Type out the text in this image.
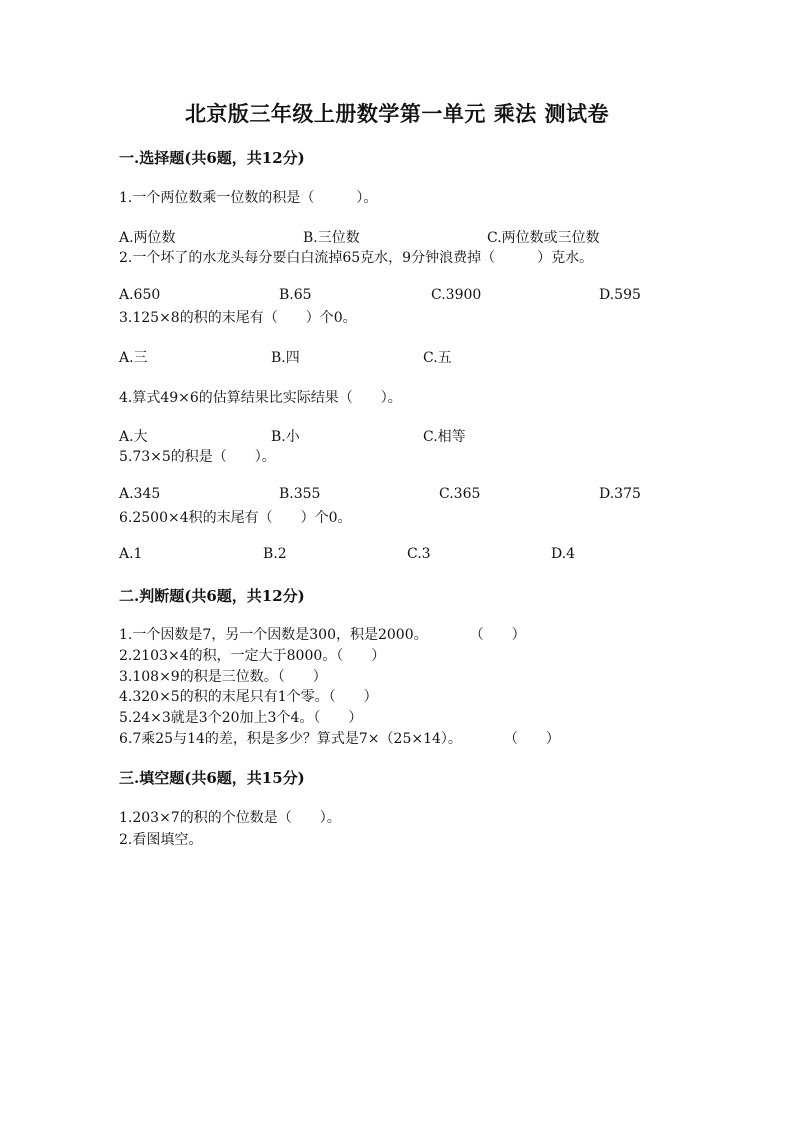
北京版三年级上册数学第一单元 乘法 测试卷
一.选择题(共6题，共12分)
1.一个两位数乘一位数的积是（　　　）。
A.两位数	B.三位数	C.两位数或三位数
2.一个坏了的水龙头每分要白白流掉65克水，9分钟浪费掉（　　　）克水。
A.650	B.65	C.3900	D.595
3.125×8的积的末尾有（　　）个0。
A.三	B.四	C.五
4.算式49×6的估算结果比实际结果（　　）。
A.大	B.小	C.相等
5.73×5的积是（　　）。
A.345	B.355	C.365	D.375
6.2500×4积的末尾有（　　）个0。
A.1	B.2	C.3	D.4
二.判断题(共6题，共12分)
1.一个因数是7，另一个因数是300，积是2000。　　　　（　　）
2.2103×4的积，一定大于8000。（　　）
3.108×9的积是三位数。（　　）
4.320×5的积的末尾只有1个零。（　　）
5.24×3就是3个20加上3个4。（　　）
6.7乘25与14的差，积是多少？算式是7×（25×14）。　　　　（　　）
三.填空题(共6题，共15分)
1.203×7的积的个位数是（　　）。
2.看图填空。
